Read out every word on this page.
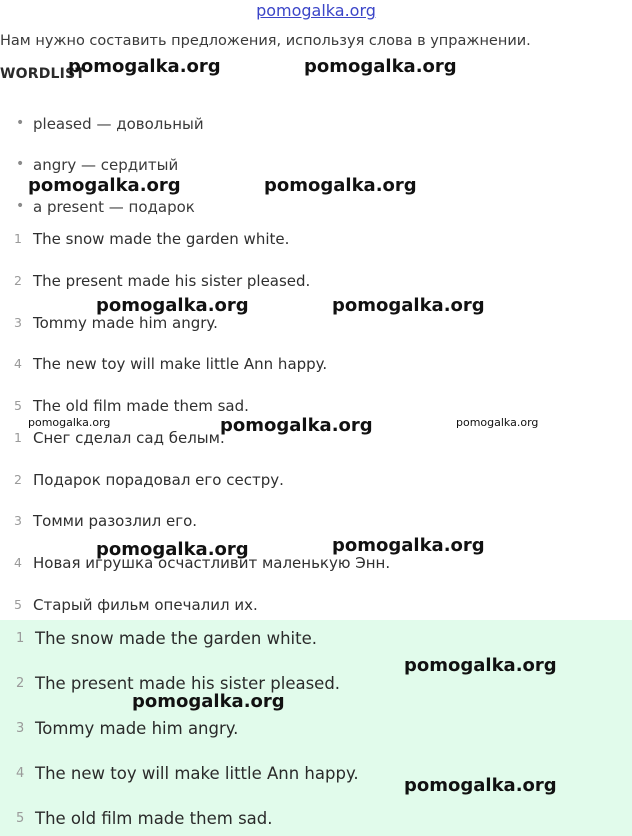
pomogalka.org
Нам нужно составить предложения, используя слова в упражнении.
WORDLIST
• pleased — довольный
• angry — сердитый
• a present — подарок
1 The snow made the garden white.
2 The present made his sister pleased.
3 Tommy made him angry.
4 The new toy will make little Ann happy.
5 The old film made them sad.
1 Снег сделал сад белым.
2 Подарок порадовал его сестру.
3 Томми разозлил его.
4 Новая игрушка осчастливит маленькую Энн.
5 Старый фильм опечалил их.
1 The snow made the garden white.
2 The present made his sister pleased.
3 Tommy made him angry.
4 The new toy will make little Ann happy.
5 The old film made them sad.
pomogalka.org	pomogalka.org
pomogalka.org	pomogalka.org
pomogalka.org	pomogalka.org
pomogalka.org	pomogalka.org	pomogalka.org
pomogalka.org	pomogalka.org
pomogalka.org
pomogalka.org
pomogalka.org
